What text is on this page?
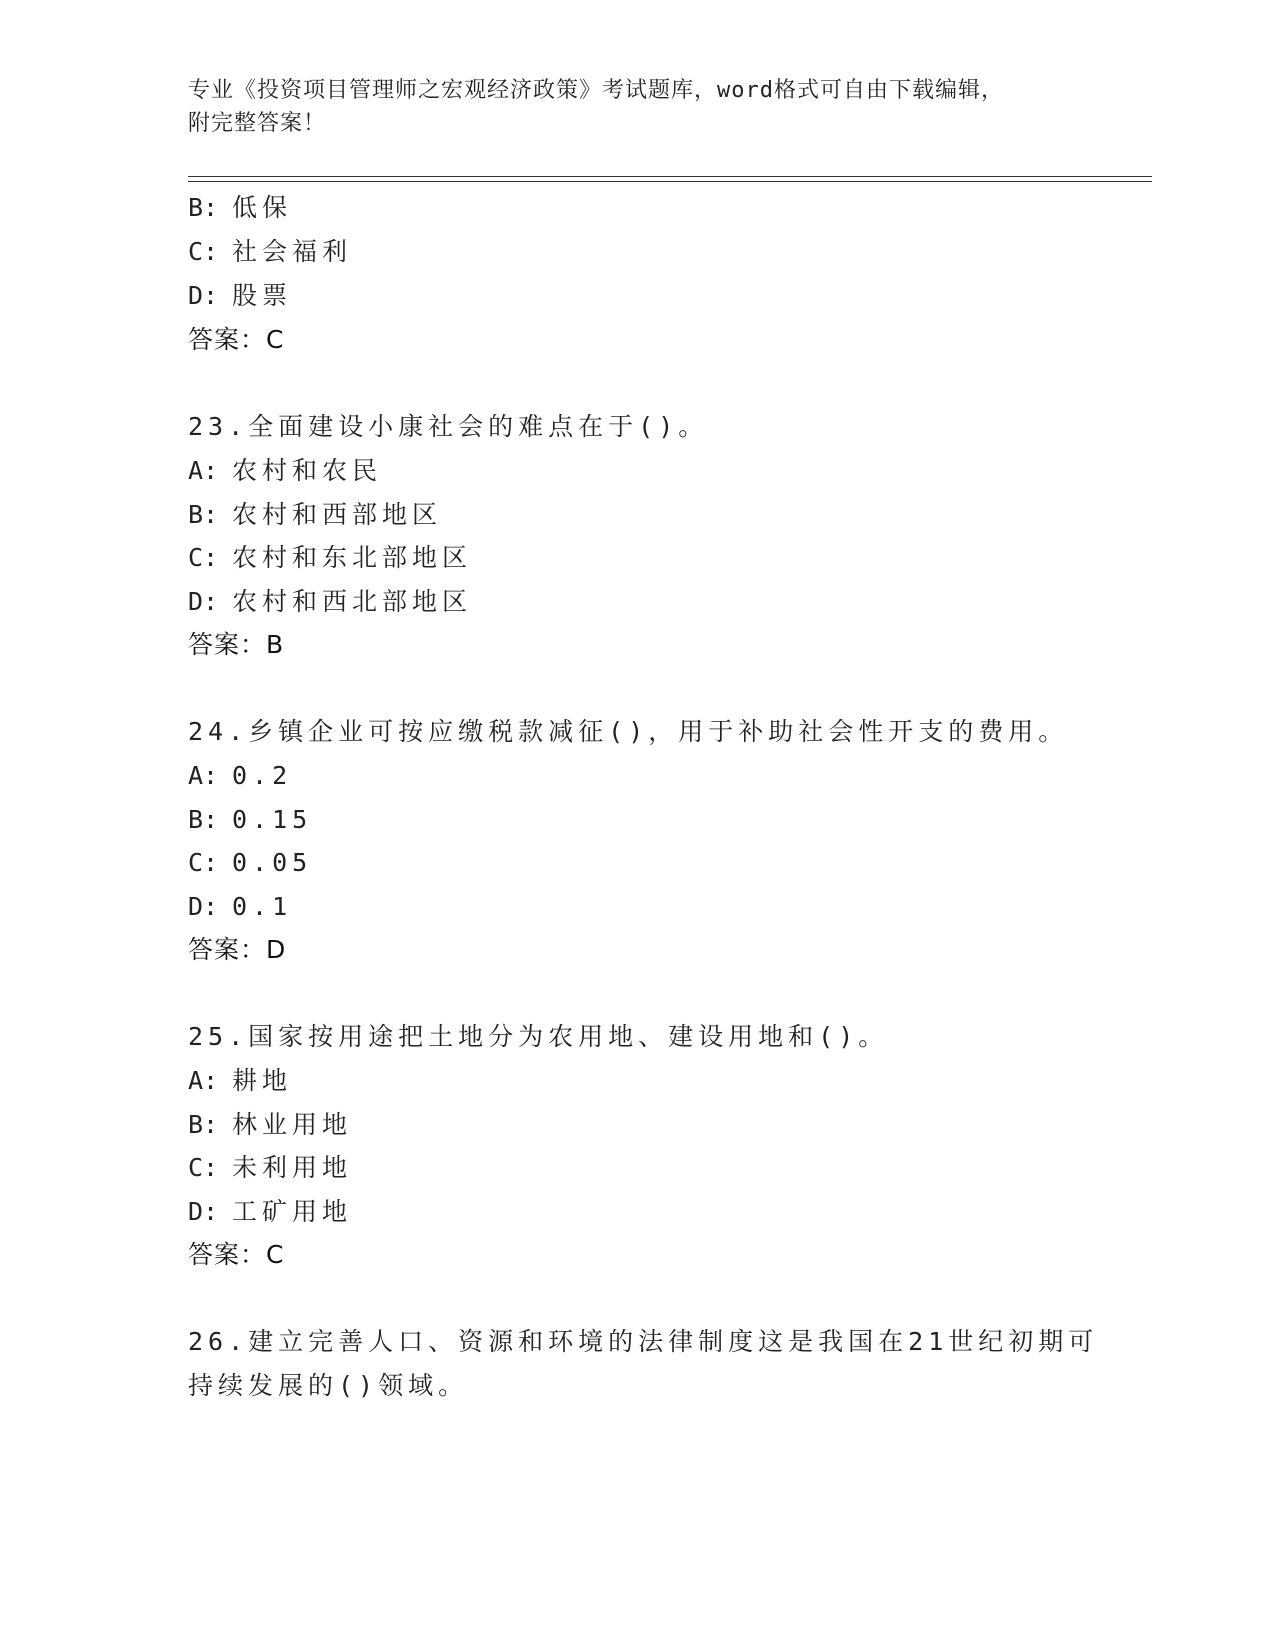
专业《投资项目管理师之宏观经济政策》考试题库，word格式可自由下载编辑，
附完整答案！
B: 低保
C: 社会福利
D: 股票
答案：C
23.全面建设小康社会的难点在于()。
A: 农村和农民
B: 农村和西部地区
C: 农村和东北部地区
D: 农村和西北部地区
答案：B
24.乡镇企业可按应缴税款减征()，用于补助社会性开支的费用。
A: 0.2
B: 0.15
C: 0.05
D: 0.1
答案：D
25.国家按用途把土地分为农用地、建设用地和()。
A: 耕地
B: 林业用地
C: 未利用地
D: 工矿用地
答案：C
26.建立完善人口、资源和环境的法律制度这是我国在21世纪初期可
持续发展的()领域。
